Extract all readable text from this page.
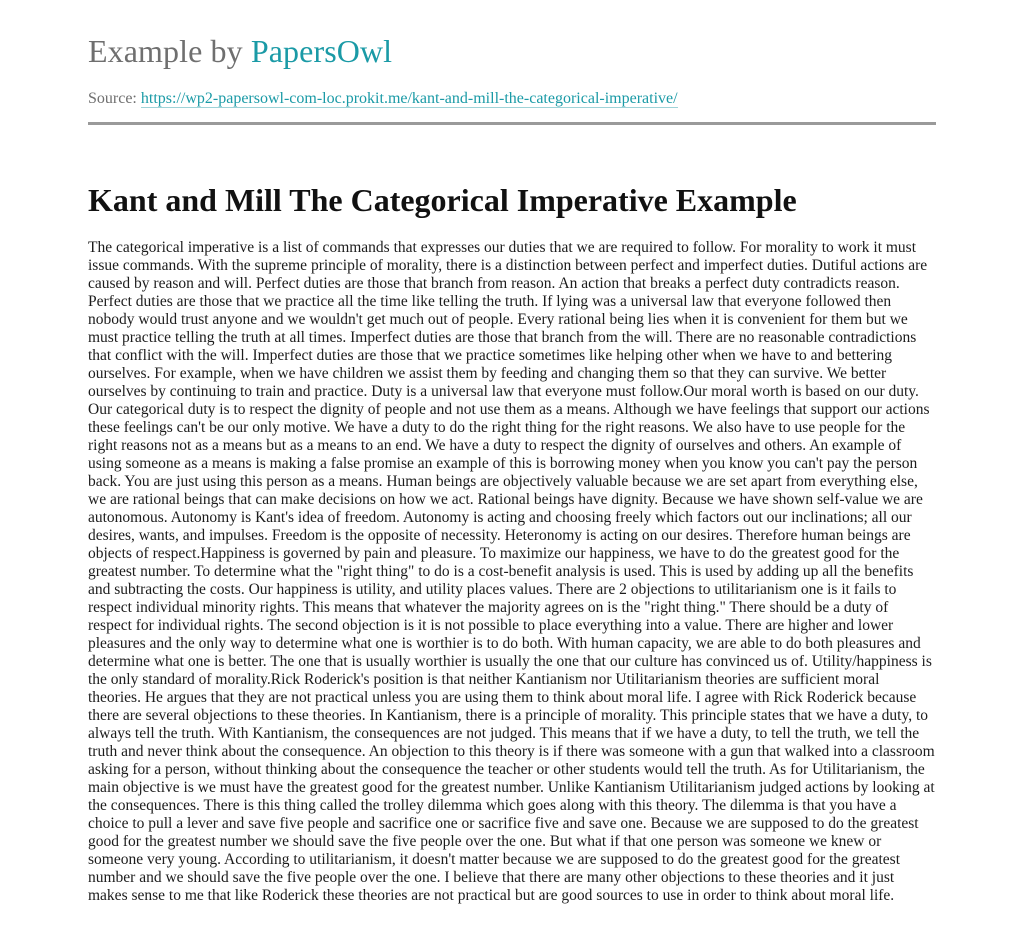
Example by PapersOwl
Source: https://wp2-papersowl-com-loc.prokit.me/kant-and-mill-the-categorical-imperative/
Kant and Mill The Categorical Imperative Example

The categorical imperative is a list of commands that expresses our duties that we are required to follow. For morality to work it must issue commands. With the supreme principle of morality, there is a distinction between perfect and imperfect duties. Dutiful actions are caused by reason and will. Perfect duties are those that branch from reason. An action that breaks a perfect duty contradicts reason. Perfect duties are those that we practice all the time like telling the truth. If lying was a universal law that everyone followed then nobody would trust anyone and we wouldn't get much out of people. Every rational being lies when it is convenient for them but we must practice telling the truth at all times. Imperfect duties are those that branch from the will. There are no reasonable contradictions that conflict with the will. Imperfect duties are those that we practice sometimes like helping other when we have to and bettering ourselves. For example, when we have children we assist them by feeding and changing them so that they can survive. We better ourselves by continuing to train and practice. Duty is a universal law that everyone must follow.Our moral worth is based on our duty. Our categorical duty is to respect the dignity of people and not use them as a means. Although we have feelings that support our actions these feelings can't be our only motive. We have a duty to do the right thing for the right reasons. We also have to use people for the right reasons not as a means but as a means to an end. We have a duty to respect the dignity of ourselves and others. An example of using someone as a means is making a false promise an example of this is borrowing money when you know you can't pay the person back. You are just using this person as a means. Human beings are objectively valuable because we are set apart from everything else, we are rational beings that can make decisions on how we act. Rational beings have dignity. Because we have shown self-value we are autonomous. Autonomy is Kant's idea of freedom. Autonomy is acting and choosing freely which factors out our inclinations; all our desires, wants, and impulses. Freedom is the opposite of necessity. Heteronomy is acting on our desires. Therefore human beings are objects of respect.Happiness is governed by pain and pleasure. To maximize our happiness, we have to do the greatest good for the greatest number. To determine what the "right thing" to do is a cost-benefit analysis is used. This is used by adding up all the benefits and subtracting the costs. Our happiness is utility, and utility places values. There are 2 objections to utilitarianism one is it fails to respect individual minority rights. This means that whatever the majority agrees on is the "right thing." There should be a duty of respect for individual rights. The second objection is it is not possible to place everything into a value. There are higher and lower pleasures and the only way to determine what one is worthier is to do both. With human capacity, we are able to do both pleasures and determine what one is better. The one that is usually worthier is usually the one that our culture has convinced us of. Utility/happiness is the only standard of morality.Rick Roderick's position is that neither Kantianism nor Utilitarianism theories are sufficient moral theories. He argues that they are not practical unless you are using them to think about moral life. I agree with Rick Roderick because there are several objections to these theories. In Kantianism, there is a principle of morality. This principle states that we have a duty, to always tell the truth. With Kantianism, the consequences are not judged. This means that if we have a duty, to tell the truth, we tell the truth and never think about the consequence. An objection to this theory is if there was someone with a gun that walked into a classroom asking for a person, without thinking about the consequence the teacher or other students would tell the truth. As for Utilitarianism, the main objective is we must have the greatest good for the greatest number. Unlike Kantianism Utilitarianism judged actions by looking at the consequences. There is this thing called the trolley dilemma which goes along with this theory. The dilemma is that you have a choice to pull a lever and save five people and sacrifice one or sacrifice five and save one. Because we are supposed to do the greatest good for the greatest number we should save the five people over the one. But what if that one person was someone we knew or someone very young. According to utilitarianism, it doesn't matter because we are supposed to do the greatest good for the greatest number and we should save the five people over the one. I believe that there are many other objections to these theories and it just makes sense to me that like Roderick these theories are not practical but are good sources to use in order to think about moral life.
